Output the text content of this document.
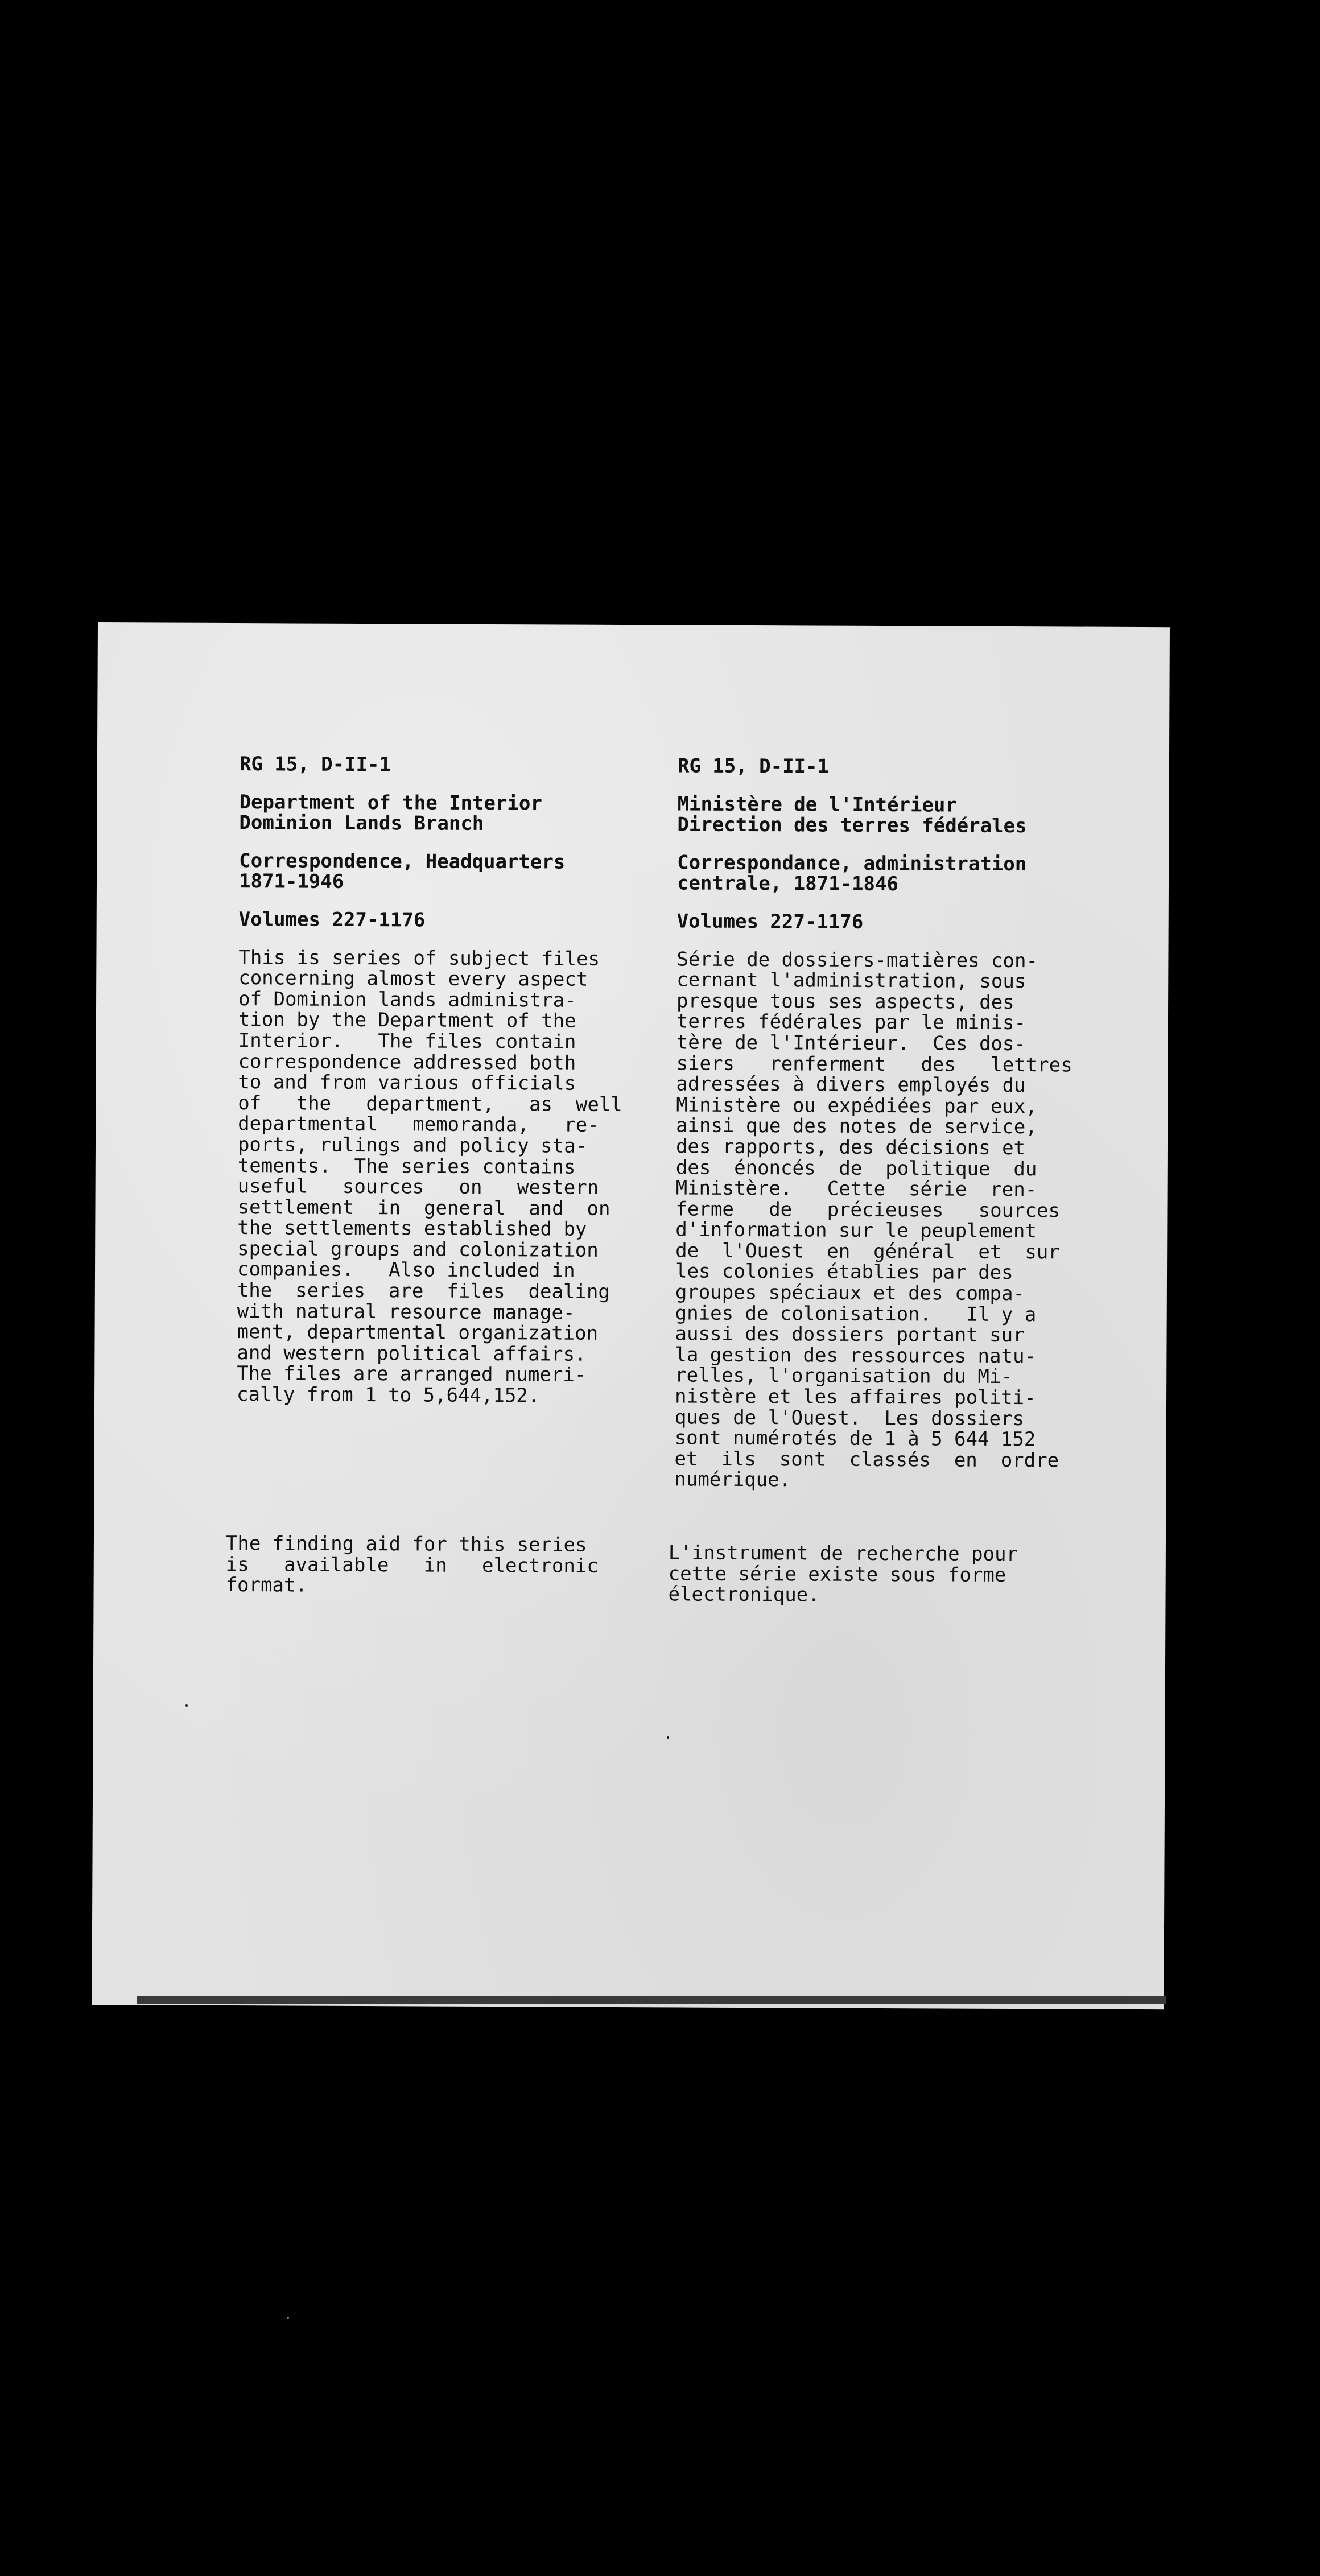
RG 15, D-II-1
Department of the Interior
Dominion Lands Branch
Correspondence, Headquarters
1871-1946
Volumes 227-1176
This is series of subject files
concerning almost every aspect
of Dominion lands administra-
tion by the Department of the
Interior.   The files contain
correspondence addressed both
to and from various officials
of   the   department,   as  well
departmental   memoranda,   re-
ports, rulings and policy sta-
tements.  The series contains
useful   sources   on   western
settlement  in  general  and  on
the settlements established by
special groups and colonization
companies.   Also included in
the  series  are  files  dealing
with natural resource manage-
ment, departmental organization
and western political affairs.
The files are arranged numeri-
cally from 1 to 5,644,152.
The finding aid for this series
is   available   in   electronic
format.
RG 15, D-II-1
Ministère de l'Intérieur
Direction des terres fédérales
Correspondance, administration
centrale, 1871-1846
Volumes 227-1176
Série de dossiers-matières con-
cernant l'administration, sous
presque tous ses aspects, des
terres fédérales par le minis-
tère de l'Intérieur.  Ces dos-
siers   renferment   des   lettres
adressées à divers employés du
Ministère ou expédiées par eux,
ainsi que des notes de service,
des rapports, des décisions et
des  énoncés  de  politique  du
Ministère.   Cette  série  ren-
ferme   de   précieuses   sources
d'information sur le peuplement
de  l'Ouest  en  général  et  sur
les colonies établies par des
groupes spéciaux et des compa-
gnies de colonisation.   Il y a
aussi des dossiers portant sur
la gestion des ressources natu-
relles, l'organisation du Mi-
nistère et les affaires politi-
ques de l'Ouest.  Les dossiers
sont numérotés de 1 à 5 644 152
et  ils  sont  classés  en  ordre
numérique.
L'instrument de recherche pour
cette série existe sous forme
électronique.
